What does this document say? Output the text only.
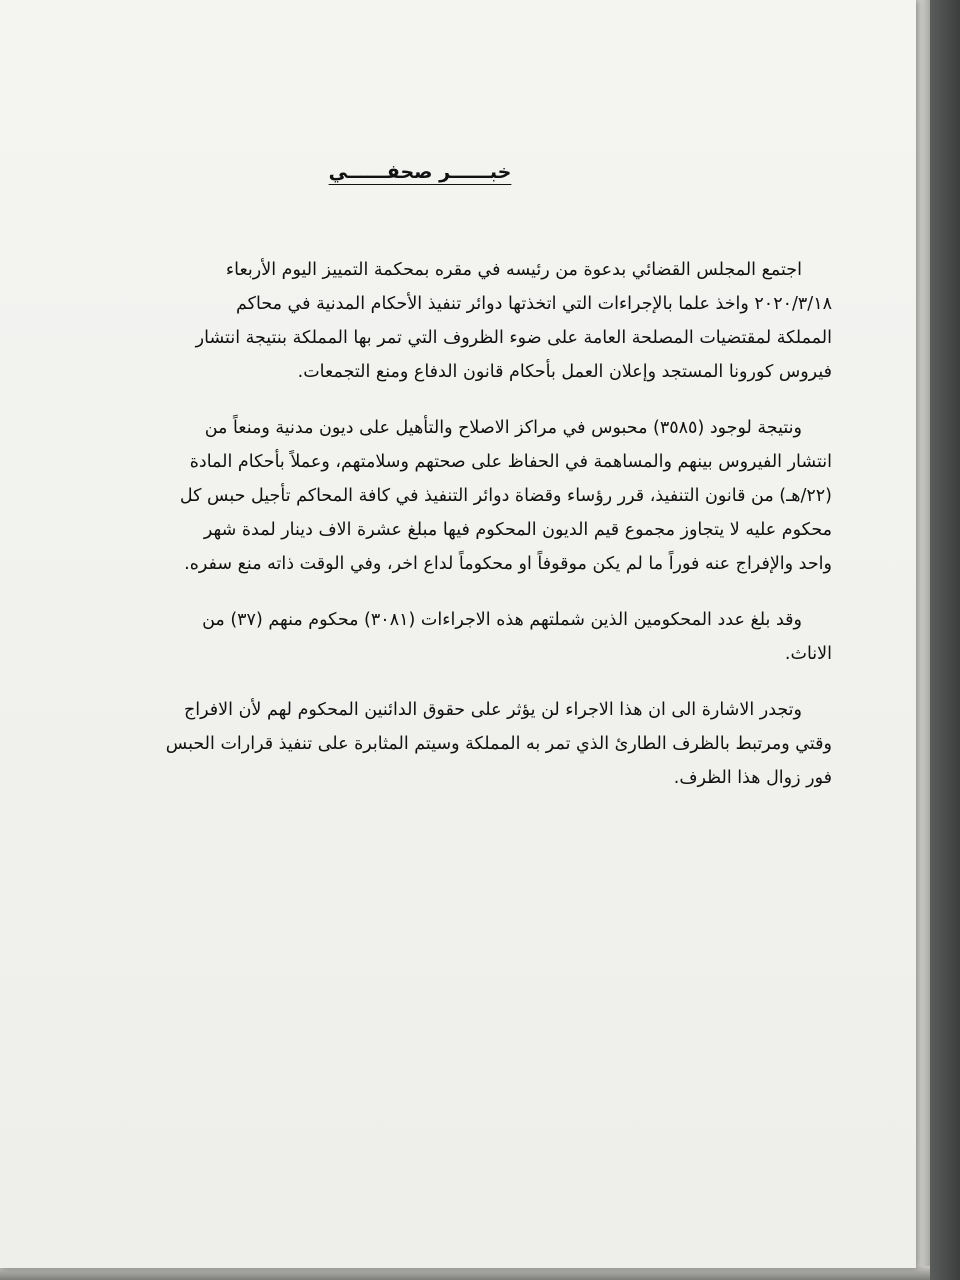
خبــــــر صحفــــــي

اجتمع المجلس القضائي بدعوة من رئيسه في مقره بمحكمة التمييز اليوم الأربعاء
٢٠٢٠/٣/١٨ واخذ علما بالإجراءات التي اتخذتها دوائر تنفيذ الأحكام المدنية في محاكم
المملكة لمقتضيات المصلحة العامة على ضوء الظروف التي تمر بها المملكة بنتيجة انتشار
فيروس كورونا المستجد وإعلان العمل بأحكام قانون الدفاع ومنع التجمعات.

ونتيجة لوجود (٣٥٨٥) محبوس في مراكز الاصلاح والتأهيل على ديون مدنية ومنعاً من
انتشار الفيروس بينهم والمساهمة في الحفاظ على صحتهم وسلامتهم، وعملاً بأحكام المادة
(٢٢/هـ) من قانون التنفيذ، قرر رؤساء وقضاة دوائر التنفيذ في كافة المحاكم تأجيل حبس كل
محكوم عليه لا يتجاوز مجموع قيم الديون المحكوم فيها مبلغ عشرة الاف دينار لمدة شهر
واحد والإفراج عنه فوراً ما لم يكن موقوفاً او محكوماً لداع اخر، وفي الوقت ذاته منع سفره.

وقد بلغ عدد المحكومين الذين شملتهم هذه الاجراءات (٣٠٨١) محكوم منهم (٣٧) من
الاناث.

وتجدر الاشارة الى ان هذا الاجراء لن يؤثر على حقوق الدائنين المحكوم لهم لأن الافراج
وقتي ومرتبط بالظرف الطارئ الذي تمر به المملكة وسيتم المثابرة على تنفيذ قرارات الحبس
فور زوال هذا الظرف.
